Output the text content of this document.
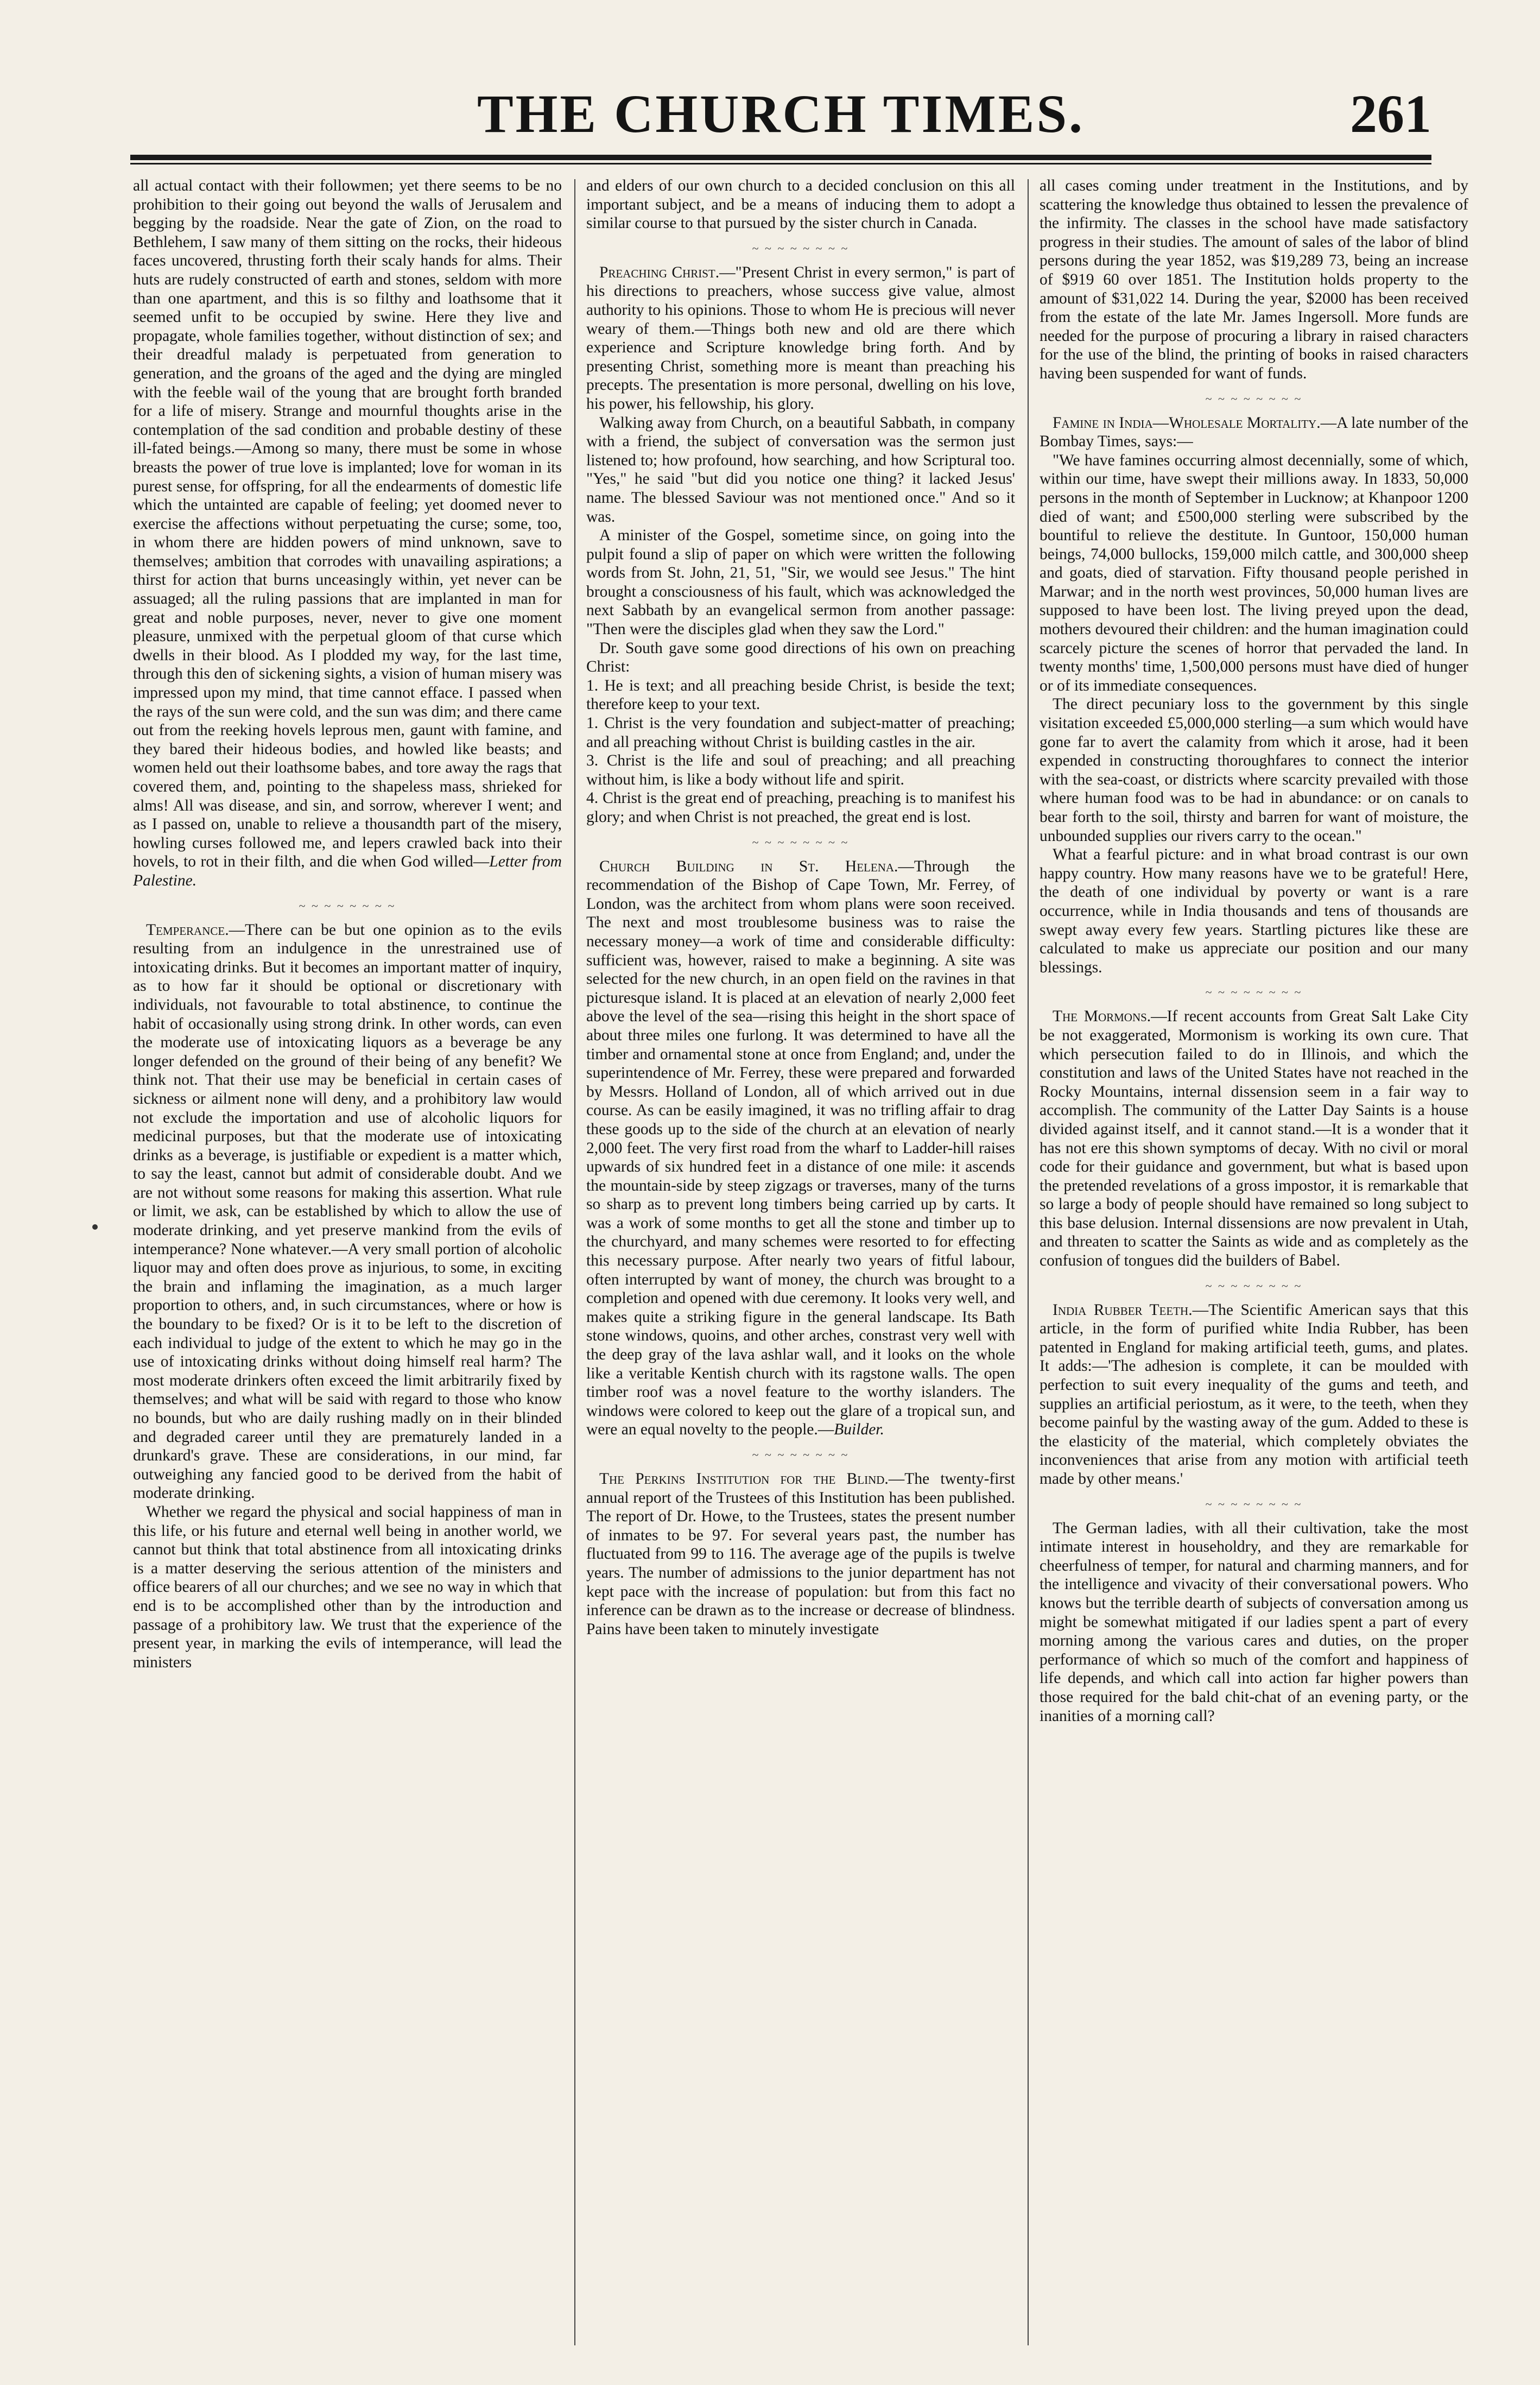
THE CHURCH TIMES.	261

all actual contact with their followmen; yet there seems to be no prohibition to their going out beyond the walls of Jerusalem and begging by the roadside. Near the gate of Zion, on the road to Bethlehem, I saw many of them sitting on the rocks, their hideous faces uncovered, thrusting forth their scaly hands for alms. Their huts are rudely constructed of earth and stones, seldom with more than one apartment, and this is so filthy and loathsome that it seemed unfit to be occupied by swine. Here they live and propagate, whole families together, without distinction of sex; and their dreadful malady is perpetuated from generation to generation, and the groans of the aged and the dying are mingled with the feeble wail of the young that are brought forth branded for a life of misery. Strange and mournful thoughts arise in the contemplation of the sad condition and probable destiny of these ill-fated beings.—Among so many, there must be some in whose breasts the power of true love is implanted; love for woman in its purest sense, for offspring, for all the endearments of domestic life which the untainted are capable of feeling; yet doomed never to exercise the affections without perpetuating the curse; some, too, in whom there are hidden powers of mind unknown, save to themselves; ambition that corrodes with unavailing aspirations; a thirst for action that burns unceasingly within, yet never can be assuaged; all the ruling passions that are implanted in man for great and noble purposes, never, never to give one moment pleasure, unmixed with the perpetual gloom of that curse which dwells in their blood. As I plodded my way, for the last time, through this den of sickening sights, a vision of human misery was impressed upon my mind, that time cannot efface. I passed when the rays of the sun were cold, and the sun was dim; and there came out from the reeking hovels leprous men, gaunt with famine, and they bared their hideous bodies, and howled like beasts; and women held out their loathsome babes, and tore away the rags that covered them, and, pointing to the shapeless mass, shrieked for alms! All was disease, and sin, and sorrow, wherever I went; and as I passed on, unable to relieve a thousandth part of the misery, howling curses followed me, and lepers crawled back into their hovels, to rot in their filth, and die when God willed—Letter from Palestine.

~ ~ ~ ~ ~ ~ ~ ~

Temperance.—There can be but one opinion as to the evils resulting from an indulgence in the unrestrained use of intoxicating drinks. But it becomes an important matter of inquiry, as to how far it should be optional or discretionary with individuals, not favourable to total abstinence, to continue the habit of occasionally using strong drink. In other words, can even the moderate use of intoxicating liquors as a beverage be any longer defended on the ground of their being of any benefit? We think not. That their use may be beneficial in certain cases of sickness or ailment none will deny, and a prohibitory law would not exclude the importation and use of alcoholic liquors for medicinal purposes, but that the moderate use of intoxicating drinks as a beverage, is justifiable or expedient is a matter which, to say the least, cannot but admit of considerable doubt. And we are not without some reasons for making this assertion. What rule or limit, we ask, can be established by which to allow the use of moderate drinking, and yet preserve mankind from the evils of intemperance? None whatever.—A very small portion of alcoholic liquor may and often does prove as injurious, to some, in exciting the brain and inflaming the imagination, as a much larger proportion to others, and, in such circumstances, where or how is the boundary to be fixed? Or is it to be left to the discretion of each individual to judge of the extent to which he may go in the use of intoxicating drinks without doing himself real harm? The most moderate drinkers often exceed the limit arbitrarily fixed by themselves; and what will be said with regard to those who know no bounds, but who are daily rushing madly on in their blinded and degraded career until they are prematurely landed in a drunkard's grave. These are considerations, in our mind, far outweighing any fancied good to be derived from the habit of moderate drinking.

Whether we regard the physical and social happiness of man in this life, or his future and eternal well being in another world, we cannot but think that total abstinence from all intoxicating drinks is a matter deserving the serious attention of the ministers and office bearers of all our churches; and we see no way in which that end is to be accomplished other than by the introduction and passage of a prohibitory law. We trust that the experience of the present year, in marking the evils of intemperance, will lead the ministers

and elders of our own church to a decided conclusion on this all important subject, and be a means of inducing them to adopt a similar course to that pursued by the sister church in Canada.

~ ~ ~ ~ ~ ~ ~ ~

Preaching Christ.—"Present Christ in every sermon," is part of his directions to preachers, whose success give value, almost authority to his opinions. Those to whom He is precious will never weary of them.—Things both new and old are there which experience and Scripture knowledge bring forth. And by presenting Christ, something more is meant than preaching his precepts. The presentation is more personal, dwelling on his love, his power, his fellowship, his glory.

Walking away from Church, on a beautiful Sabbath, in company with a friend, the subject of conversation was the sermon just listened to; how profound, how searching, and how Scriptural too. "Yes," he said "but did you notice one thing? it lacked Jesus' name. The blessed Saviour was not mentioned once." And so it was.

A minister of the Gospel, sometime since, on going into the pulpit found a slip of paper on which were written the following words from St. John, 21, 51, "Sir, we would see Jesus." The hint brought a consciousness of his fault, which was acknowledged the next Sabbath by an evangelical sermon from another passage: "Then were the disciples glad when they saw the Lord."

Dr. South gave some good directions of his own on preaching Christ:

1. He is text; and all preaching beside Christ, is beside the text; therefore keep to your text.

1. Christ is the very foundation and subject-matter of preaching; and all preaching without Christ is building castles in the air.

3. Christ is the life and soul of preaching; and all preaching without him, is like a body without life and spirit.

4. Christ is the great end of preaching, preaching is to manifest his glory; and when Christ is not preached, the great end is lost.

~ ~ ~ ~ ~ ~ ~ ~

Church Building in St. Helena.—Through the recommendation of the Bishop of Cape Town, Mr. Ferrey, of London, was the architect from whom plans were soon received. The next and most troublesome business was to raise the necessary money—a work of time and considerable difficulty: sufficient was, however, raised to make a beginning. A site was selected for the new church, in an open field on the ravines in that picturesque island. It is placed at an elevation of nearly 2,000 feet above the level of the sea—rising this height in the short space of about three miles one furlong. It was determined to have all the timber and ornamental stone at once from England; and, under the superintendence of Mr. Ferrey, these were prepared and forwarded by Messrs. Holland of London, all of which arrived out in due course. As can be easily imagined, it was no trifling affair to drag these goods up to the side of the church at an elevation of nearly 2,000 feet. The very first road from the wharf to Ladder-hill raises upwards of six hundred feet in a distance of one mile: it ascends the mountain-side by steep zigzags or traverses, many of the turns so sharp as to prevent long timbers being carried up by carts. It was a work of some months to get all the stone and timber up to the churchyard, and many schemes were resorted to for effecting this necessary purpose. After nearly two years of fitful labour, often interrupted by want of money, the church was brought to a completion and opened with due ceremony. It looks very well, and makes quite a striking figure in the general landscape. Its Bath stone windows, quoins, and other arches, constrast very well with the deep gray of the lava ashlar wall, and it looks on the whole like a veritable Kentish church with its ragstone walls. The open timber roof was a novel feature to the worthy islanders. The windows were colored to keep out the glare of a tropical sun, and were an equal novelty to the people.—Builder.

~ ~ ~ ~ ~ ~ ~ ~

The Perkins Institution for the Blind.—The twenty-first annual report of the Trustees of this Institution has been published. The report of Dr. Howe, to the Trustees, states the present number of inmates to be 97. For several years past, the number has fluctuated from 99 to 116. The average age of the pupils is twelve years. The number of admissions to the junior department has not kept pace with the increase of population: but from this fact no inference can be drawn as to the increase or decrease of blindness. Pains have been taken to minutely investigate

all cases coming under treatment in the Institutions, and by scattering the knowledge thus obtained to lessen the prevalence of the infirmity. The classes in the school have made satisfactory progress in their studies. The amount of sales of the labor of blind persons during the year 1852, was $19,289 73, being an increase of $919 60 over 1851. The Institution holds property to the amount of $31,022 14. During the year, $2000 has been received from the estate of the late Mr. James Ingersoll. More funds are needed for the purpose of procuring a library in raised characters for the use of the blind, the printing of books in raised characters having been suspended for want of funds.

~ ~ ~ ~ ~ ~ ~ ~

Famine in India—Wholesale Mortality.—A late number of the Bombay Times, says:—

"We have famines occurring almost decennially, some of which, within our time, have swept their millions away. In 1833, 50,000 persons in the month of September in Lucknow; at Khanpoor 1200 died of want; and £500,000 sterling were subscribed by the bountiful to relieve the destitute. In Guntoor, 150,000 human beings, 74,000 bullocks, 159,000 milch cattle, and 300,000 sheep and goats, died of starvation. Fifty thousand people perished in Marwar; and in the north west provinces, 50,000 human lives are supposed to have been lost. The living preyed upon the dead, mothers devoured their children: and the human imagination could scarcely picture the scenes of horror that pervaded the land. In twenty months' time, 1,500,000 persons must have died of hunger or of its immediate consequences.

The direct pecuniary loss to the government by this single visitation exceeded £5,000,000 sterling—a sum which would have gone far to avert the calamity from which it arose, had it been expended in constructing thoroughfares to connect the interior with the sea-coast, or districts where scarcity prevailed with those where human food was to be had in abundance: or on canals to bear forth to the soil, thirsty and barren for want of moisture, the unbounded supplies our rivers carry to the ocean."

What a fearful picture: and in what broad contrast is our own happy country. How many reasons have we to be grateful! Here, the death of one individual by poverty or want is a rare occurrence, while in India thousands and tens of thousands are swept away every few years. Startling pictures like these are calculated to make us appreciate our position and our many blessings.

~ ~ ~ ~ ~ ~ ~ ~

The Mormons.—If recent accounts from Great Salt Lake City be not exaggerated, Mormonism is working its own cure. That which persecution failed to do in Illinois, and which the constitution and laws of the United States have not reached in the Rocky Mountains, internal dissension seem in a fair way to accomplish. The community of the Latter Day Saints is a house divided against itself, and it cannot stand.—It is a wonder that it has not ere this shown symptoms of decay. With no civil or moral code for their guidance and government, but what is based upon the pretended revelations of a gross impostor, it is remarkable that so large a body of people should have remained so long subject to this base delusion. Internal dissensions are now prevalent in Utah, and threaten to scatter the Saints as wide and as completely as the confusion of tongues did the builders of Babel.

~ ~ ~ ~ ~ ~ ~ ~

India Rubber Teeth.—The Scientific American says that this article, in the form of purified white India Rubber, has been patented in England for making artificial teeth, gums, and plates. It adds:—'The adhesion is complete, it can be moulded with perfection to suit every inequality of the gums and teeth, and supplies an artificial periostum, as it were, to the teeth, when they become painful by the wasting away of the gum. Added to these is the elasticity of the material, which completely obviates the inconveniences that arise from any motion with artificial teeth made by other means.'

~ ~ ~ ~ ~ ~ ~ ~

The German ladies, with all their cultivation, take the most intimate interest in householdry, and they are remarkable for cheerfulness of temper, for natural and charming manners, and for the intelligence and vivacity of their conversational powers. Who knows but the terrible dearth of subjects of conversation among us might be somewhat mitigated if our ladies spent a part of every morning among the various cares and duties, on the proper performance of which so much of the comfort and happiness of life depends, and which call into action far higher powers than those required for the bald chit-chat of an evening party, or the inanities of a morning call?
